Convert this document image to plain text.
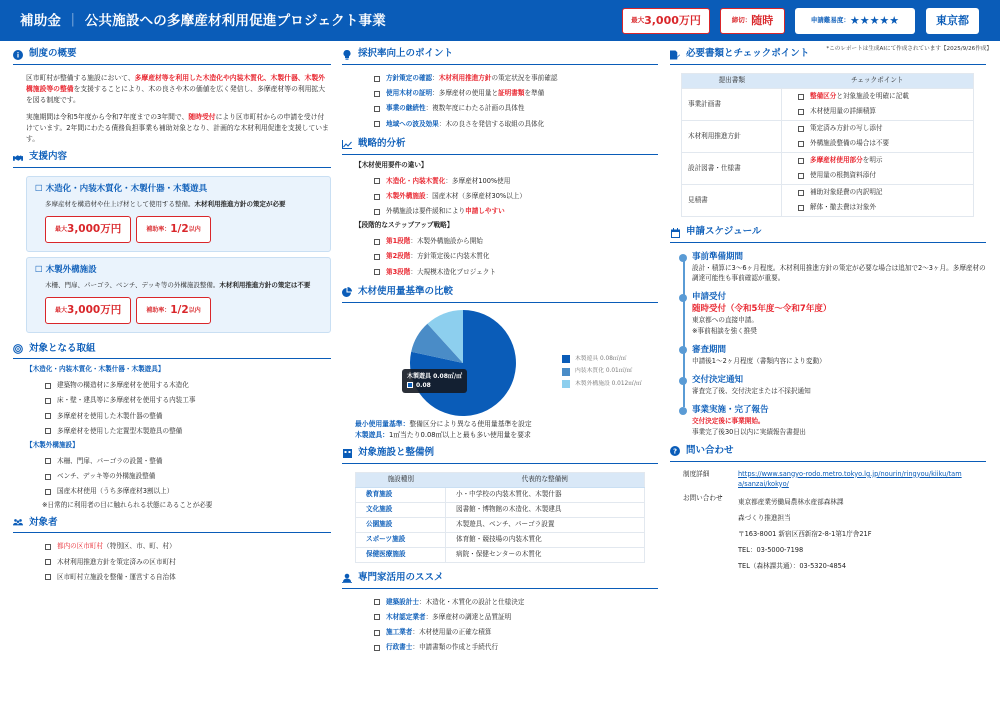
補助金 ｜ 公共施設への多摩産材利用促進プロジェクト事業	最大 3,000万円	締切： 随時	申請難易度： ★★★★★	東京都
*このレポートは生成AIにて作成されています【2025/9/26作成】
制度の概要
区市町村が整備する施設において、多摩産材等を利用した木造化や内装木質化、木製什器、木製外構施設等の整備を支援することにより、木の良さや木の価値を広く発信し、多摩産材等の利用拡大を図る制度です。
実施期間は令和5年度から令和7年度までの3年間で、随時受付により区市町村からの申請を受け付けています。2年間にわたる債務負担事業も補助対象となり、計画的な木材利用促進を支援しています。
支援内容
☐ 木造化・内装木質化・木製什器・木製遊具
多摩産材を構造材や仕上げ材として使用する整備。木材利用推進方針の策定が必要
最大 3,000万円	補助率： 1/2 以内
☐ 木製外構施設
木柵、門扉、パーゴラ、ベンチ、デッキ等の外構施設整備。木材利用推進方針の策定は不要
最大 3,000万円	補助率： 1/2 以内
対象となる取組
【木造化・内装木質化・木製什器・木製遊具】
建築物の構造材に多摩産材を使用する木造化
床・壁・建具等に多摩産材を使用する内装工事
多摩産材を使用した木製什器の整備
多摩産材を使用した定置型木製遊具の整備
【木製外構施設】
木柵、門扉、パーゴラの設置・整備
ベンチ、デッキ等の外構施設整備
国産木材使用（うち多摩産材3割以上）
※日常的に利用者の目に触れられる状態にあることが必要
対象者
都内の区市町村 （特別区、市、町、村）
木材利用推進方針を策定済みの区市町村
区市町村立施設を整備・運営する自治体
採択率向上のポイント
方針策定の確認 ： 木材利用推進方針 の策定状況を事前確認
使用木材の証明 ： 多摩産材の使用量と 証明書類 を準備
事業の継続性 ： 複数年度にわたる計画の具体性
地域への波及効果 ： 木の良さを発信する取組の具体化
戦略的分析
【木材使用要件の違い】
木造化・内装木質化 ：多摩産材100%使用
木製外構施設 ：国産木材（多摩産材30%以上）
外構施設は要件緩和により 申請しやすい
【段階的なステップアップ戦略】
第1段階 ：木製外構施設から開始
第2段階 ：方針策定後に内装木質化
第3段階 ：大規模木造化プロジェクト
木材使用量基準の比較
木製遊具 0.08㎥/㎡
0.08
木製遊具 0.08㎥/㎡
内装木質化 0.01㎥/㎡
木製外構施設 0.012㎥/㎡
最小使用量基準：整備区分により異なる使用量基準を設定
木製遊具：1㎡当たり0.08㎥以上と最も多い使用量を要求
対象施設と整備例
施設種別	代表的な整備例
教育施設	小・中学校の内装木質化、木製什器
文化施設	図書館・博物館の木造化、木製建具
公園施設	木製遊具、ベンチ、パーゴラ設置
スポーツ施設	体育館・競技場の内装木質化
保健医療施設	病院・保健センターの木質化
専門家活用のススメ
建築設計士 ：木造化・木質化の設計と仕様決定
木材認定業者 ：多摩産材の調達と品質証明
施工業者 ：木材使用量の正確な積算
行政書士 ：申請書類の作成と手続代行
必要書類とチェックポイント
提出書類	チェックポイント
事業計画書	整備区分 と対象施設を明確に記載
木材使用量の詳細積算

木材利用推進方針	策定済み方針の写し添付
外構施設整備の場合は不要

設計図書・仕様書	多摩産材使用部分 を明示
使用量の根拠資料添付

見積書	補助対象経費の内訳明記
解体・撤去費は対象外
申請スケジュール
事前準備期間
設計・積算に3～6ヶ月程度。木材利用推進方針の策定が必要な場合は追加で2～3ヶ月。多摩産材の調達可能性も事前確認が重要。
申請受付
随時受付（令和5年度～令和7年度）
東京都への直接申請。
※事前相談を強く推奨
審査期間
申請後1～2ヶ月程度（書類内容により変動）
交付決定通知
審査完了後、交付決定または不採択通知
事業実施・完了報告
交付決定後に事業開始。
事業完了後30日以内に実績報告書提出
? 問い合わせ
制度詳細	https://www.sangyo-rodo.metro.tokyo.lg.jp/nourin/ringyou/kiiku/tama/sanzai/kokyo/
お問い合わせ	東京都産業労働局農林水産部森林課
森づくり推進担当
〒163-8001 新宿区西新宿2-8-1第1庁舎21F
TEL：03-5000-7198
TEL（森林課共通）：03-5320-4854
